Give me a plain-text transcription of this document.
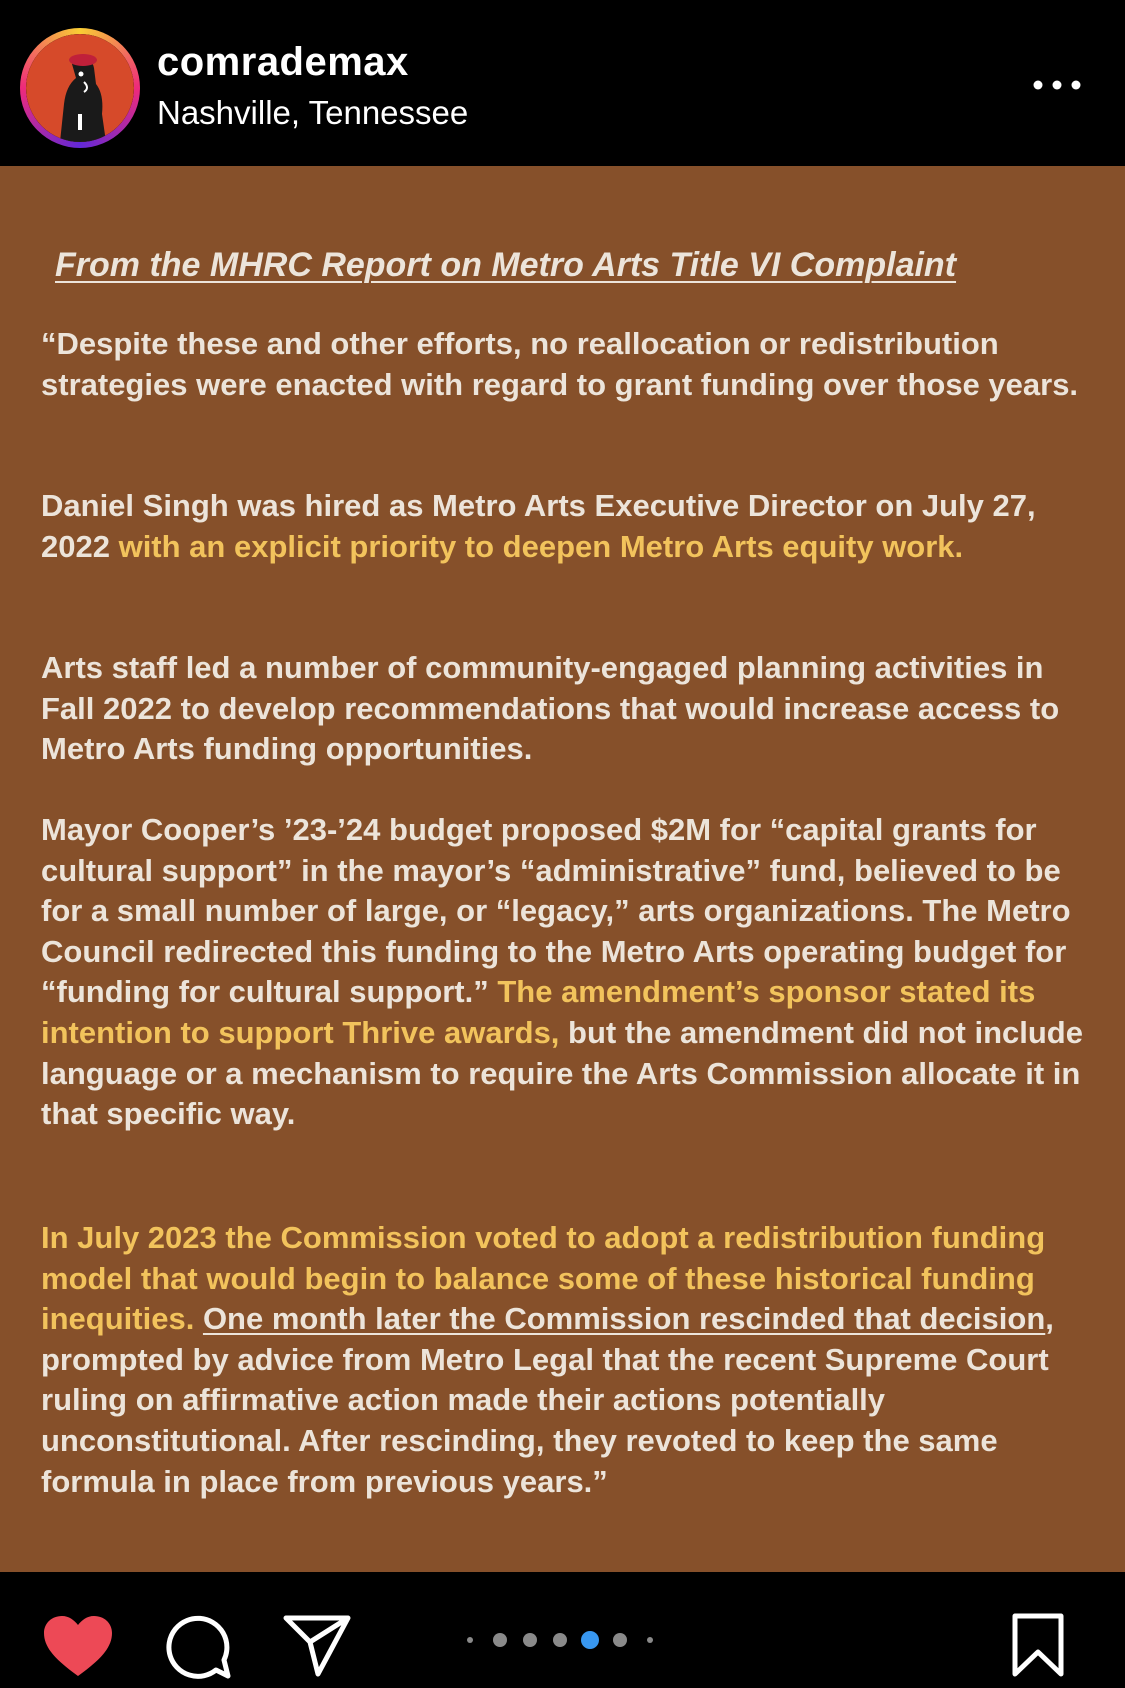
comrademax
Nashville, Tennessee
From the MHRC Report on Metro Arts Title VI Complaint

“Despite these and other efforts, no reallocation or redistribution strategies were enacted with regard to grant funding over those years.

Daniel Singh was hired as Metro Arts Executive Director on July 27, 2022 with an explicit priority to deepen Metro Arts equity work.

Arts staff led a number of community-engaged planning activities in Fall 2022 to develop recommendations that would increase access to Metro Arts funding opportunities.

Mayor Cooper’s ’23-’24 budget proposed $2M for “capital grants for cultural support” in the mayor’s “administrative” fund, believed to be for a small number of large, or “legacy,” arts organizations. The Metro Council redirected this funding to the Metro Arts operating budget for “funding for cultural support.” The amendment’s sponsor stated its intention to support Thrive awards, but the amendment did not include language or a mechanism to require the Arts Commission allocate it in that specific way.

In July 2023 the Commission voted to adopt a redistribution funding model that would begin to balance some of these historical funding inequities. One month later the Commission rescinded that decision, prompted by advice from Metro Legal that the recent Supreme Court ruling on affirmative action made their actions potentially unconstitutional. After rescinding, they revoted to keep the same formula in place from previous years.”
